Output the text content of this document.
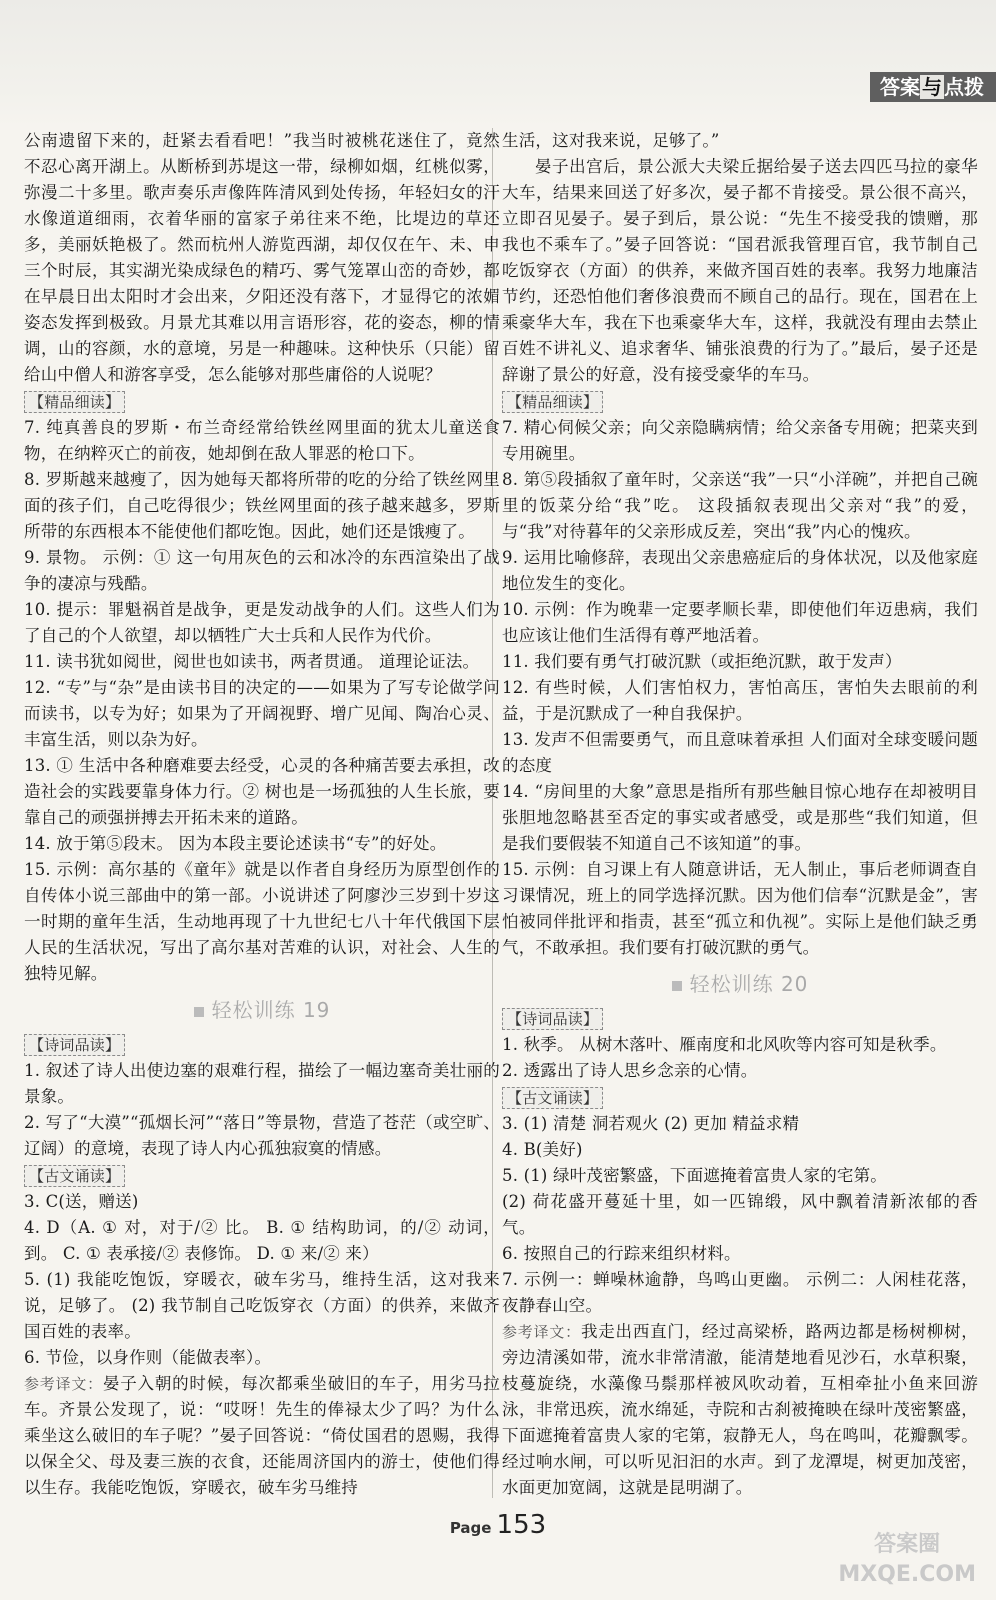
答案 与 点拨

公南遗留下来的，赶紧去看看吧！”我当时被桃花迷住了，竟然不忍心离开湖上。从断桥到苏堤这一带，绿柳如烟，红桃似雾，弥漫二十多里。歌声奏乐声像阵阵清风到处传扬，年轻妇女的汗水像道道细雨，衣着华丽的富家子弟往来不绝，比堤边的草还多，美丽妖艳极了。然而杭州人游览西湖，却仅仅在午、未、申三个时辰，其实湖光染成绿色的精巧、雾气笼罩山峦的奇妙，都在早晨日出太阳时才会出来，夕阳还没有落下，才显得它的浓媚姿态发挥到极致。月景尤其难以用言语形容，花的姿态，柳的情调，山的容颜，水的意境，另是一种趣味。这种快乐（只能）留给山中僧人和游客享受，怎么能够对那些庸俗的人说呢？

【精品细读】

7. 纯真善良的罗斯・布兰奇经常给铁丝网里面的犹太儿童送食物，在纳粹灭亡的前夜，她却倒在敌人罪恶的枪口下。

8. 罗斯越来越瘦了，因为她每天都将所带的吃的分给了铁丝网里面的孩子们，自己吃得很少；铁丝网里面的孩子越来越多，罗斯所带的东西根本不能使他们都吃饱。因此，她们还是饿瘦了。

9. 景物。 示例：① 这一句用灰色的云和冰冷的东西渲染出了战争的凄凉与残酷。

10. 提示：罪魁祸首是战争，更是发动战争的人们。这些人们为了自己的个人欲望，却以牺牲广大士兵和人民作为代价。

11. 读书犹如阅世，阅世也如读书，两者贯通。 道理论证法。

12. “专”与“杂”是由读书目的决定的——如果为了写专论做学问而读书，以专为好；如果为了开阔视野、增广见闻、陶冶心灵、丰富生活，则以杂为好。

13. ① 生活中各种磨难要去经受，心灵的各种痛苦要去承担，改造社会的实践要靠身体力行。② 树也是一场孤独的人生长旅，要靠自己的顽强拼搏去开拓未来的道路。

14. 放于第⑤段末。 因为本段主要论述读书“专”的好处。

15. 示例：高尔基的《童年》就是以作者自身经历为原型创作的自传体小说三部曲中的第一部。小说讲述了阿廖沙三岁到十岁这一时期的童年生活，生动地再现了十九世纪七八十年代俄国下层人民的生活状况，写出了高尔基对苦难的认识，对社会、人生的独特见解。

轻松训练 19
【诗词品读】

1. 叙述了诗人出使边塞的艰难行程，描绘了一幅边塞奇美壮丽的景象。

2. 写了“大漠”“孤烟长河”“落日”等景物，营造了苍茫（或空旷、辽阔）的意境，表现了诗人内心孤独寂寞的情感。

【古文诵读】

3. C(送，赠送)

4. D（A. ① 对，对于/② 比。 B. ① 结构助词，的/② 动词，到。 C. ① 表承接/② 表修饰。 D. ① 来/② 来）

5. (1) 我能吃饱饭，穿暖衣，破车劣马，维持生活，这对我来说，足够了。 (2) 我节制自己吃饭穿衣（方面）的供养，来做齐国百姓的表率。

6. 节俭，以身作则（能做表率）。

参考译文：晏子入朝的时候，每次都乘坐破旧的车子，用劣马拉车。齐景公发现了，说：“哎呀！先生的俸禄太少了吗？为什么乘坐这么破旧的车子呢？”晏子回答说：“倚仗国君的恩赐，我得以保全父、母及妻三族的衣食，还能周济国内的游士，使他们得以生存。我能吃饱饭，穿暖衣，破车劣马维持

生活，这对我来说，足够了。”

晏子出宫后，景公派大夫梁丘据给晏子送去四匹马拉的豪华大车，结果来回送了好多次，晏子都不肯接受。景公很不高兴，立即召见晏子。晏子到后，景公说：“先生不接受我的馈赠，那我也不乘车了。”晏子回答说：“国君派我管理百官，我节制自己吃饭穿衣（方面）的供养，来做齐国百姓的表率。我努力地廉洁节约，还恐怕他们奢侈浪费而不顾自己的品行。现在，国君在上乘豪华大车，我在下也乘豪华大车，这样，我就没有理由去禁止百姓不讲礼义、追求奢华、铺张浪费的行为了。”最后，晏子还是辞谢了景公的好意，没有接受豪华的车马。

【精品细读】

7. 精心伺候父亲；向父亲隐瞒病情；给父亲备专用碗；把菜夹到专用碗里。

8. 第⑤段插叙了童年时，父亲送“我”一只“小洋碗”，并把自己碗里的饭菜分给“我”吃。 这段插叙表现出父亲对“我”的爱，与“我”对待暮年的父亲形成反差，突出“我”内心的愧疚。

9. 运用比喻修辞，表现出父亲患癌症后的身体状况，以及他家庭地位发生的变化。

10. 示例：作为晚辈一定要孝顺长辈，即使他们年迈患病，我们也应该让他们生活得有尊严地活着。

11. 我们要有勇气打破沉默（或拒绝沉默，敢于发声）

12. 有些时候，人们害怕权力，害怕高压，害怕失去眼前的利益，于是沉默成了一种自我保护。

13. 发声不但需要勇气，而且意味着承担 人们面对全球变暖问题的态度

14. “房间里的大象”意思是指所有那些触目惊心地存在却被明目张胆地忽略甚至否定的事实或者感受，或是那些“我们知道，但是我们要假装不知道自己不该知道”的事。

15. 示例：自习课上有人随意讲话，无人制止，事后老师调查自习课情况，班上的同学选择沉默。因为他们信奉“沉默是金”，害怕被同伴批评和指责，甚至“孤立和仇视”。实际上是他们缺乏勇气，不敢承担。我们要有打破沉默的勇气。

轻松训练 20
【诗词品读】

1. 秋季。 从树木落叶、雁南度和北风吹等内容可知是秋季。

2. 透露出了诗人思乡念亲的心情。

【古文诵读】

3. (1) 清楚 洞若观火 (2) 更加 精益求精

4. B(美好)

5. (1) 绿叶茂密繁盛，下面遮掩着富贵人家的宅第。

(2) 荷花盛开蔓延十里，如一匹锦缎，风中飘着清新浓郁的香气。

6. 按照自己的行踪来组织材料。

7. 示例一：蝉噪林逾静，鸟鸣山更幽。 示例二：人闲桂花落，夜静春山空。

参考译文：我走出西直门，经过高梁桥，路两边都是杨树柳树，旁边清溪如带，流水非常清澈，能清楚地看见沙石，水草积聚，枝蔓旋绕，水藻像马鬃那样被风吹动着，互相牵扯小鱼来回游泳，非常迅疾，流水绵延，寺院和古刹被掩映在绿叶茂密繁盛，下面遮掩着富贵人家的宅第，寂静无人，鸟在鸣叫，花瓣飘零。经过响水闸，可以听见汩汩的水声。到了龙潭堤，树更加茂密，水面更加宽阔，这就是昆明湖了。

Page 153
答案圈
MXQE.COM
